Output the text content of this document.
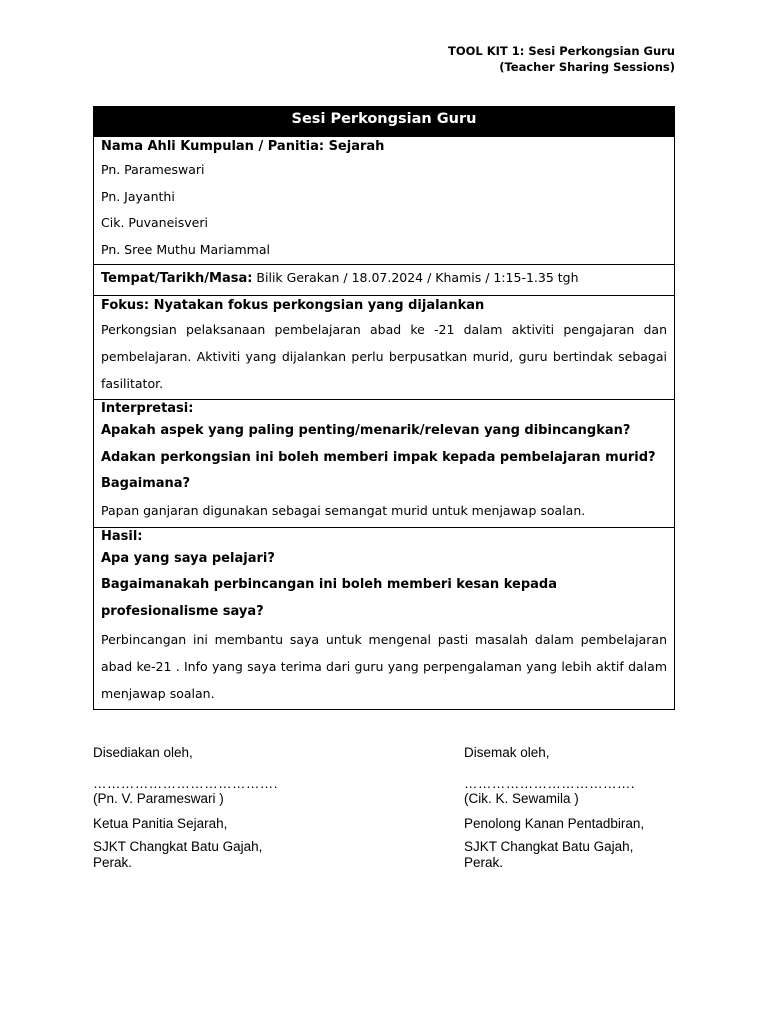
TOOL KIT 1: Sesi Perkongsian Guru
(Teacher Sharing Sessions)
Sesi Perkongsian Guru

Nama Ahli Kumpulan / Panitia: Sejarah
Pn. Parameswari
Pn. Jayanthi
Cik. Puvaneisveri
Pn. Sree Muthu Mariammal

Tempat/Tarikh/Masa: Bilik Gerakan / 18.07.2024 / Khamis / 1:15-1.35 tgh

Fokus: Nyatakan fokus perkongsian yang dijalankan
Perkongsian pelaksanaan pembelajaran abad ke -21 dalam aktiviti pengajaran dan pembelajaran. Aktiviti yang dijalankan perlu berpusatkan murid, guru bertindak sebagai fasilitator.

Interpretasi:
Apakah aspek yang paling penting/menarik/relevan yang dibincangkan?
Adakan perkongsian ini boleh memberi impak kepada pembelajaran murid?
Bagaimana?
Papan ganjaran digunakan sebagai semangat murid untuk menjawap soalan.

Hasil:
Apa yang saya pelajari?
Bagaimanakah perbincangan ini boleh memberi kesan kepada profesionalisme saya?
Perbincangan ini membantu saya untuk mengenal pasti masalah dalam pembelajaran abad ke-21 . Info yang saya terima dari guru yang perpengalaman yang lebih aktif dalam menjawap soalan.
Disediakan oleh,
………………………………….
(Pn. V. Parameswari )
Ketua Panitia Sejarah,
SJKT Changkat Batu Gajah,
Perak.
Disemak oleh,
……………………………….
(Cik. K. Sewamila )
Penolong Kanan Pentadbiran,
SJKT Changkat Batu Gajah,
Perak.
